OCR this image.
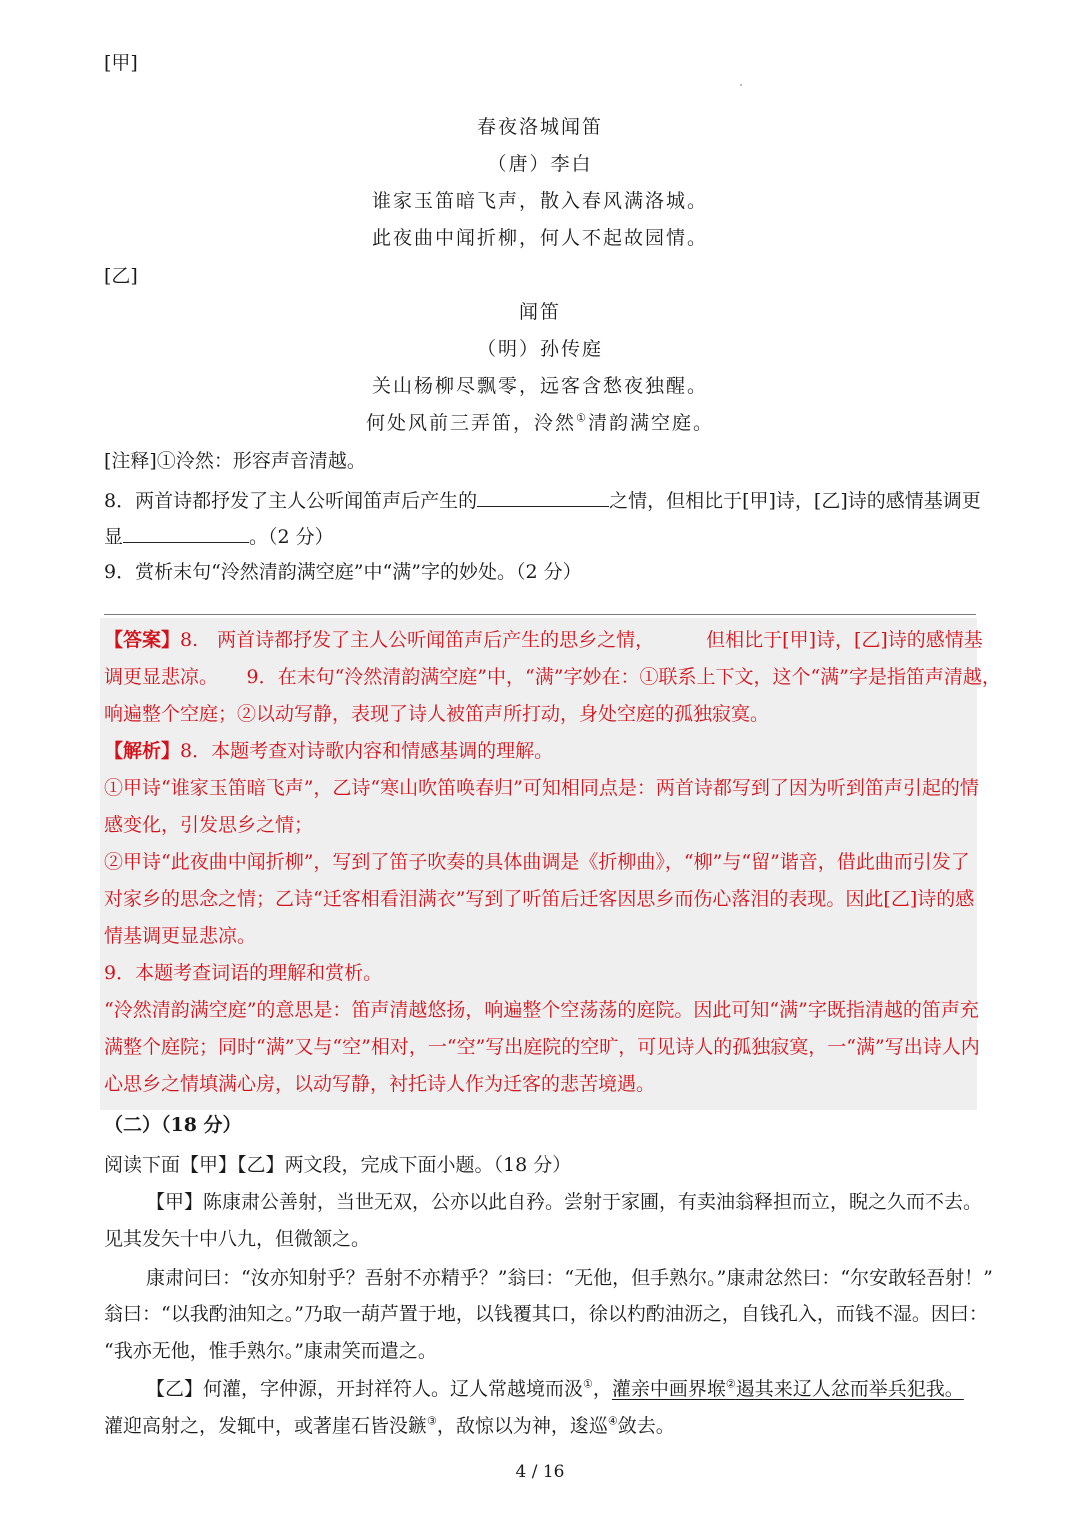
[甲]
春夜洛城闻笛
（唐）李白
谁家玉笛暗飞声，散入春风满洛城。
此夜曲中闻折柳，何人不起故园情。
[乙]
闻笛
（明）孙传庭
关山杨柳尽飘零，远客含愁夜独醒。
何处风前三弄笛，泠然①清韵满空庭。
[注释]①泠然：形容声音清越。
8．两首诗都抒发了主人公听闻笛声后产生的	之情，但相比于[甲]诗，[乙]诗的感情基调更
显	。（2 分）
9．赏析末句“泠然清韵满空庭”中“满”字的妙处。（2 分）
【答案】8.　两首诗都抒发了主人公听闻笛声后产生的思乡之情，	但相比于[甲]诗，[乙]诗的感情基
调更显悲凉。　　9．在末句“泠然清韵满空庭”中，“满”字妙在：①联系上下文，这个“满”字是指笛声清越，
响遍整个空庭；②以动写静，表现了诗人被笛声所打动，身处空庭的孤独寂寞。
【解析】8．本题考查对诗歌内容和情感基调的理解。
①甲诗“谁家玉笛暗飞声”，乙诗“寒山吹笛唤春归”可知相同点是：两首诗都写到了因为听到笛声引起的情
感变化，引发思乡之情；
②甲诗“此夜曲中闻折柳”，写到了笛子吹奏的具体曲调是《折柳曲》，“柳”与“留”谐音，借此曲而引发了
对家乡的思念之情；乙诗“迁客相看泪满衣”写到了听笛后迁客因思乡而伤心落泪的表现。因此[乙]诗的感
情基调更显悲凉。
9．本题考查词语的理解和赏析。
“泠然清韵满空庭”的意思是：笛声清越悠扬，响遍整个空荡荡的庭院。因此可知“满”字既指清越的笛声充
满整个庭院；同时“满”又与“空”相对，一“空”写出庭院的空旷，可见诗人的孤独寂寞，一“满”写出诗人内
心思乡之情填满心房，以动写静，衬托诗人作为迁客的悲苦境遇。
（二）（18 分）
阅读下面【甲】【乙】两文段，完成下面小题。（18 分）
【甲】陈康肃公善射，当世无双，公亦以此自矜。尝射于家圃，有卖油翁释担而立，睨之久而不去。
见其发矢十中八九，但微颔之。
康肃问曰：“汝亦知射乎？吾射不亦精乎？”翁曰：“无他，但手熟尔。”康肃忿然曰：“尔安敢轻吾射！”
翁曰：“以我酌油知之。”乃取一葫芦置于地，以钱覆其口，徐以杓酌油沥之，自钱孔入，而钱不湿。因曰：
“我亦无他，惟手熟尔。”康肃笑而遣之。
【乙】何灌，字仲源，开封祥符人。辽人常越境而汲①，灌亲中画界堠②遏其来辽人忿而举兵犯我。
灌迎高射之，发辄中，或著崖石皆没鏃③，敌惊以为神，逡巡④敛去。
4 / 16
